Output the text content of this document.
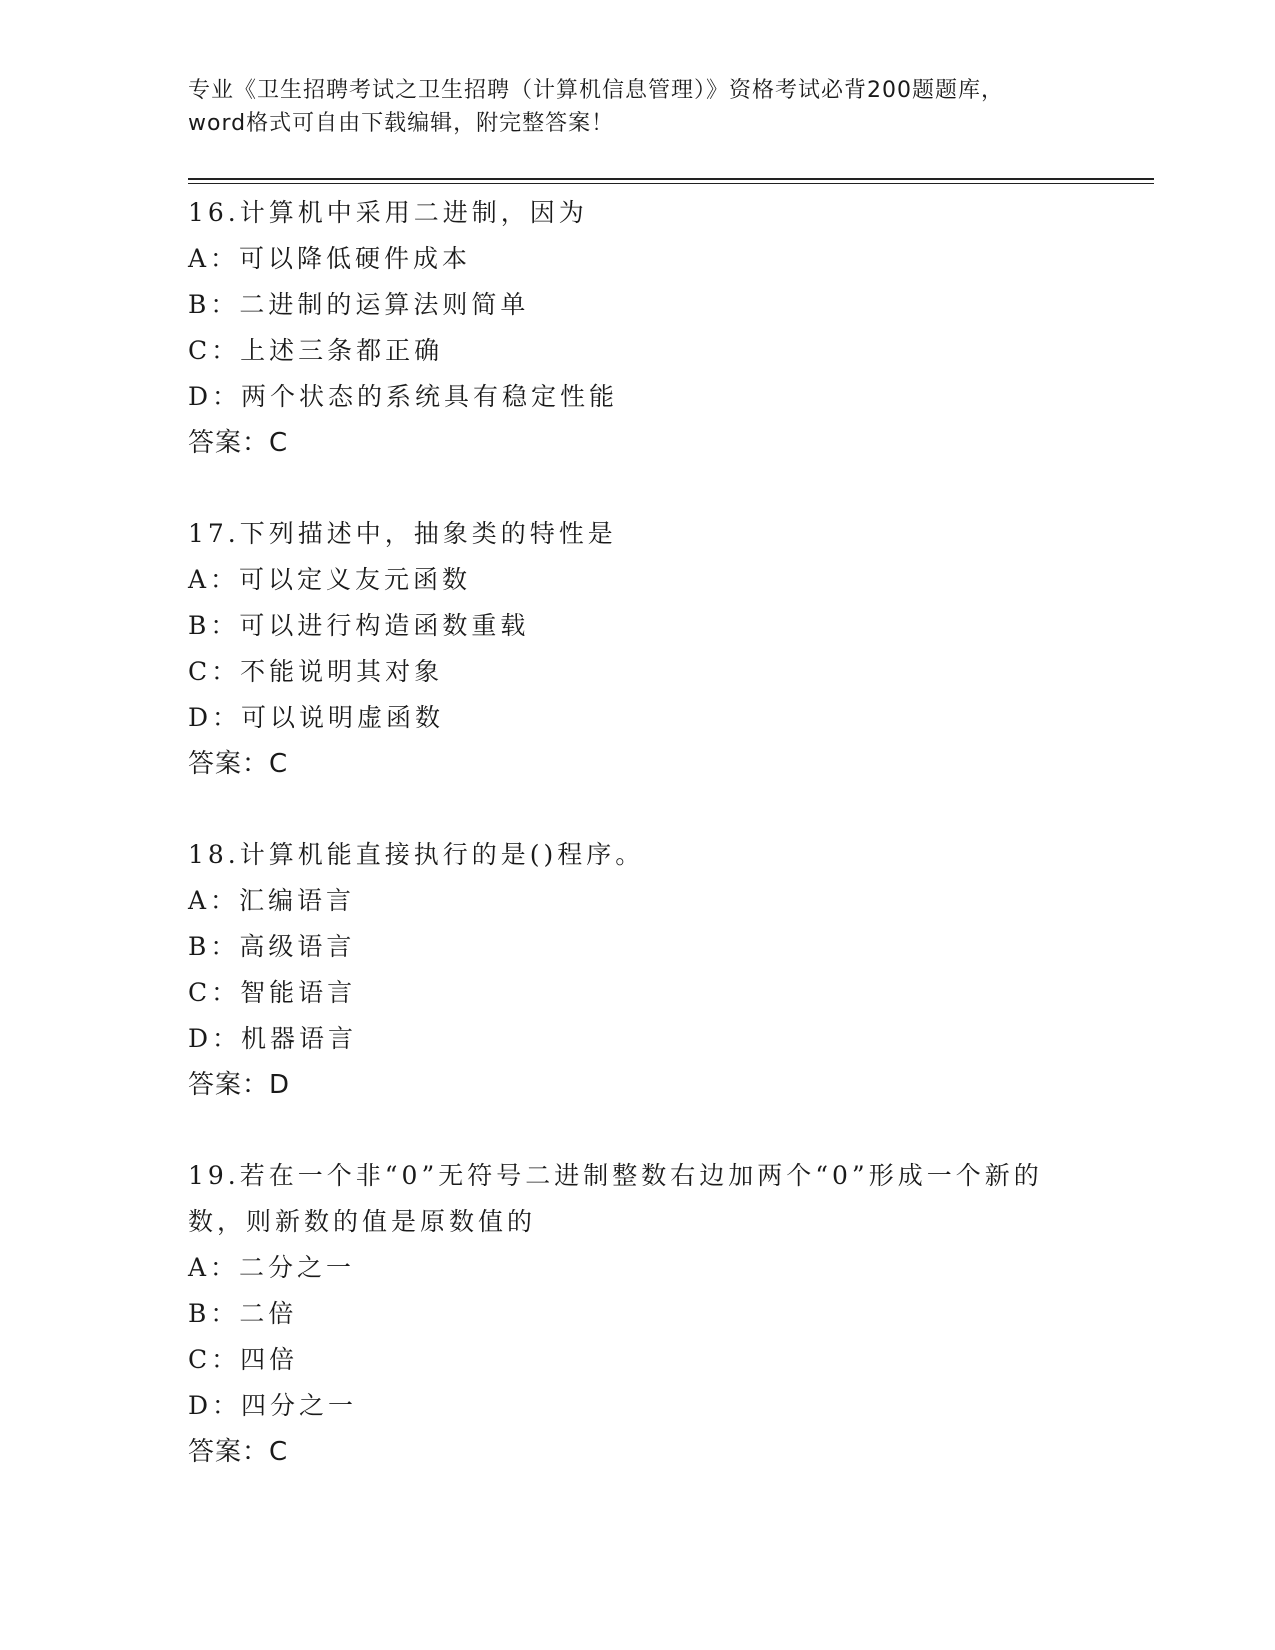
专业《卫生招聘考试之卫生招聘（计算机信息管理）》资格考试必背200题题库，
word格式可自由下载编辑，附完整答案！
16.计算机中采用二进制，因为
A：可以降低硬件成本
B：二进制的运算法则简单
C：上述三条都正确
D：两个状态的系统具有稳定性能
答案：C
17.下列描述中，抽象类的特性是
A：可以定义友元函数
B：可以进行构造函数重载
C：不能说明其对象
D：可以说明虚函数
答案：C
18.计算机能直接执行的是()程序。
A：汇编语言
B：高级语言
C：智能语言
D：机器语言
答案：D
19.若在一个非“0”无符号二进制整数右边加两个“0”形成一个新的
数，则新数的值是原数值的
A：二分之一
B：二倍
C：四倍
D：四分之一
答案：C
